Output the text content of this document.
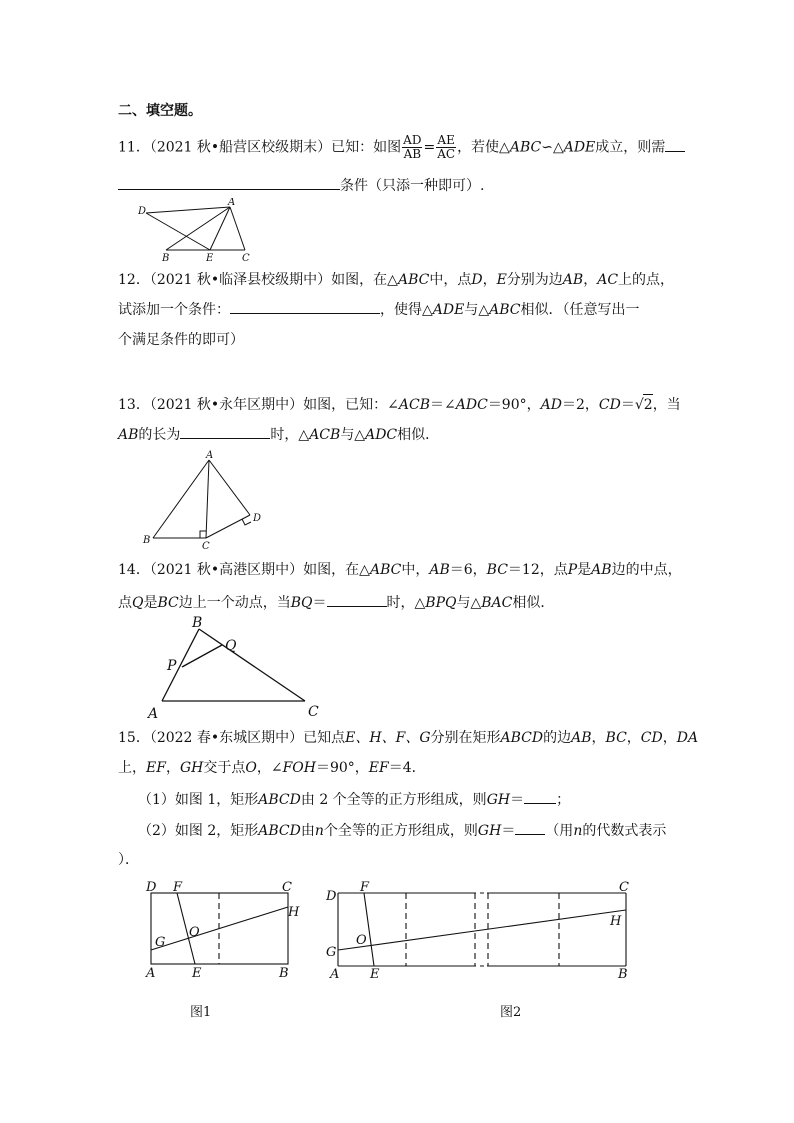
二、填空题。
11．（2021 秋•船营区校级期末）已知：如图 $\frac{AD}{AB} = \frac{AE}{AC}$ ，若使△ABC∽△ADE成立，则需
条件（只添一种即可）.
D
A
B	E	C
12．（2021 秋•临泽县校级期中）如图，在△ABC中，点D，E分别为边AB，AC上的点，
试添加一个条件：	，使得△ADE与△ABC相似．（任意写出一
个满足条件的即可）
13．（2021 秋•永年区期中）如图，已知：∠ACB＝∠ADC＝90°，AD＝2，CD＝√2，当
AB的长为	时，△ACB与△ADC相似．
A
B
C
D
14．（2021 秋•高港区期中）如图，在△ABC中，AB＝6，BC＝12，点P是AB边的中点，
点Q是BC边上一个动点，当BQ＝	时，△BPQ与△BAC相似．
B
P
Q
A	C
15．（2022 春•东城区期中）已知点E、H、F、G分别在矩形ABCD的边AB，BC，CD，DA
上，EF，GH交于点O，∠FOH＝90°，EF＝4．
（1）如图 1，矩形ABCD由 2 个全等的正方形组成，则GH＝ ；
（2）如图 2，矩形ABCD由n个全等的正方形组成，则GH＝ （用n的代数式表示
）．
D F	C
H
O
G
A	E	B
图1
D
F	C
H
O
G
A E	B
图2
